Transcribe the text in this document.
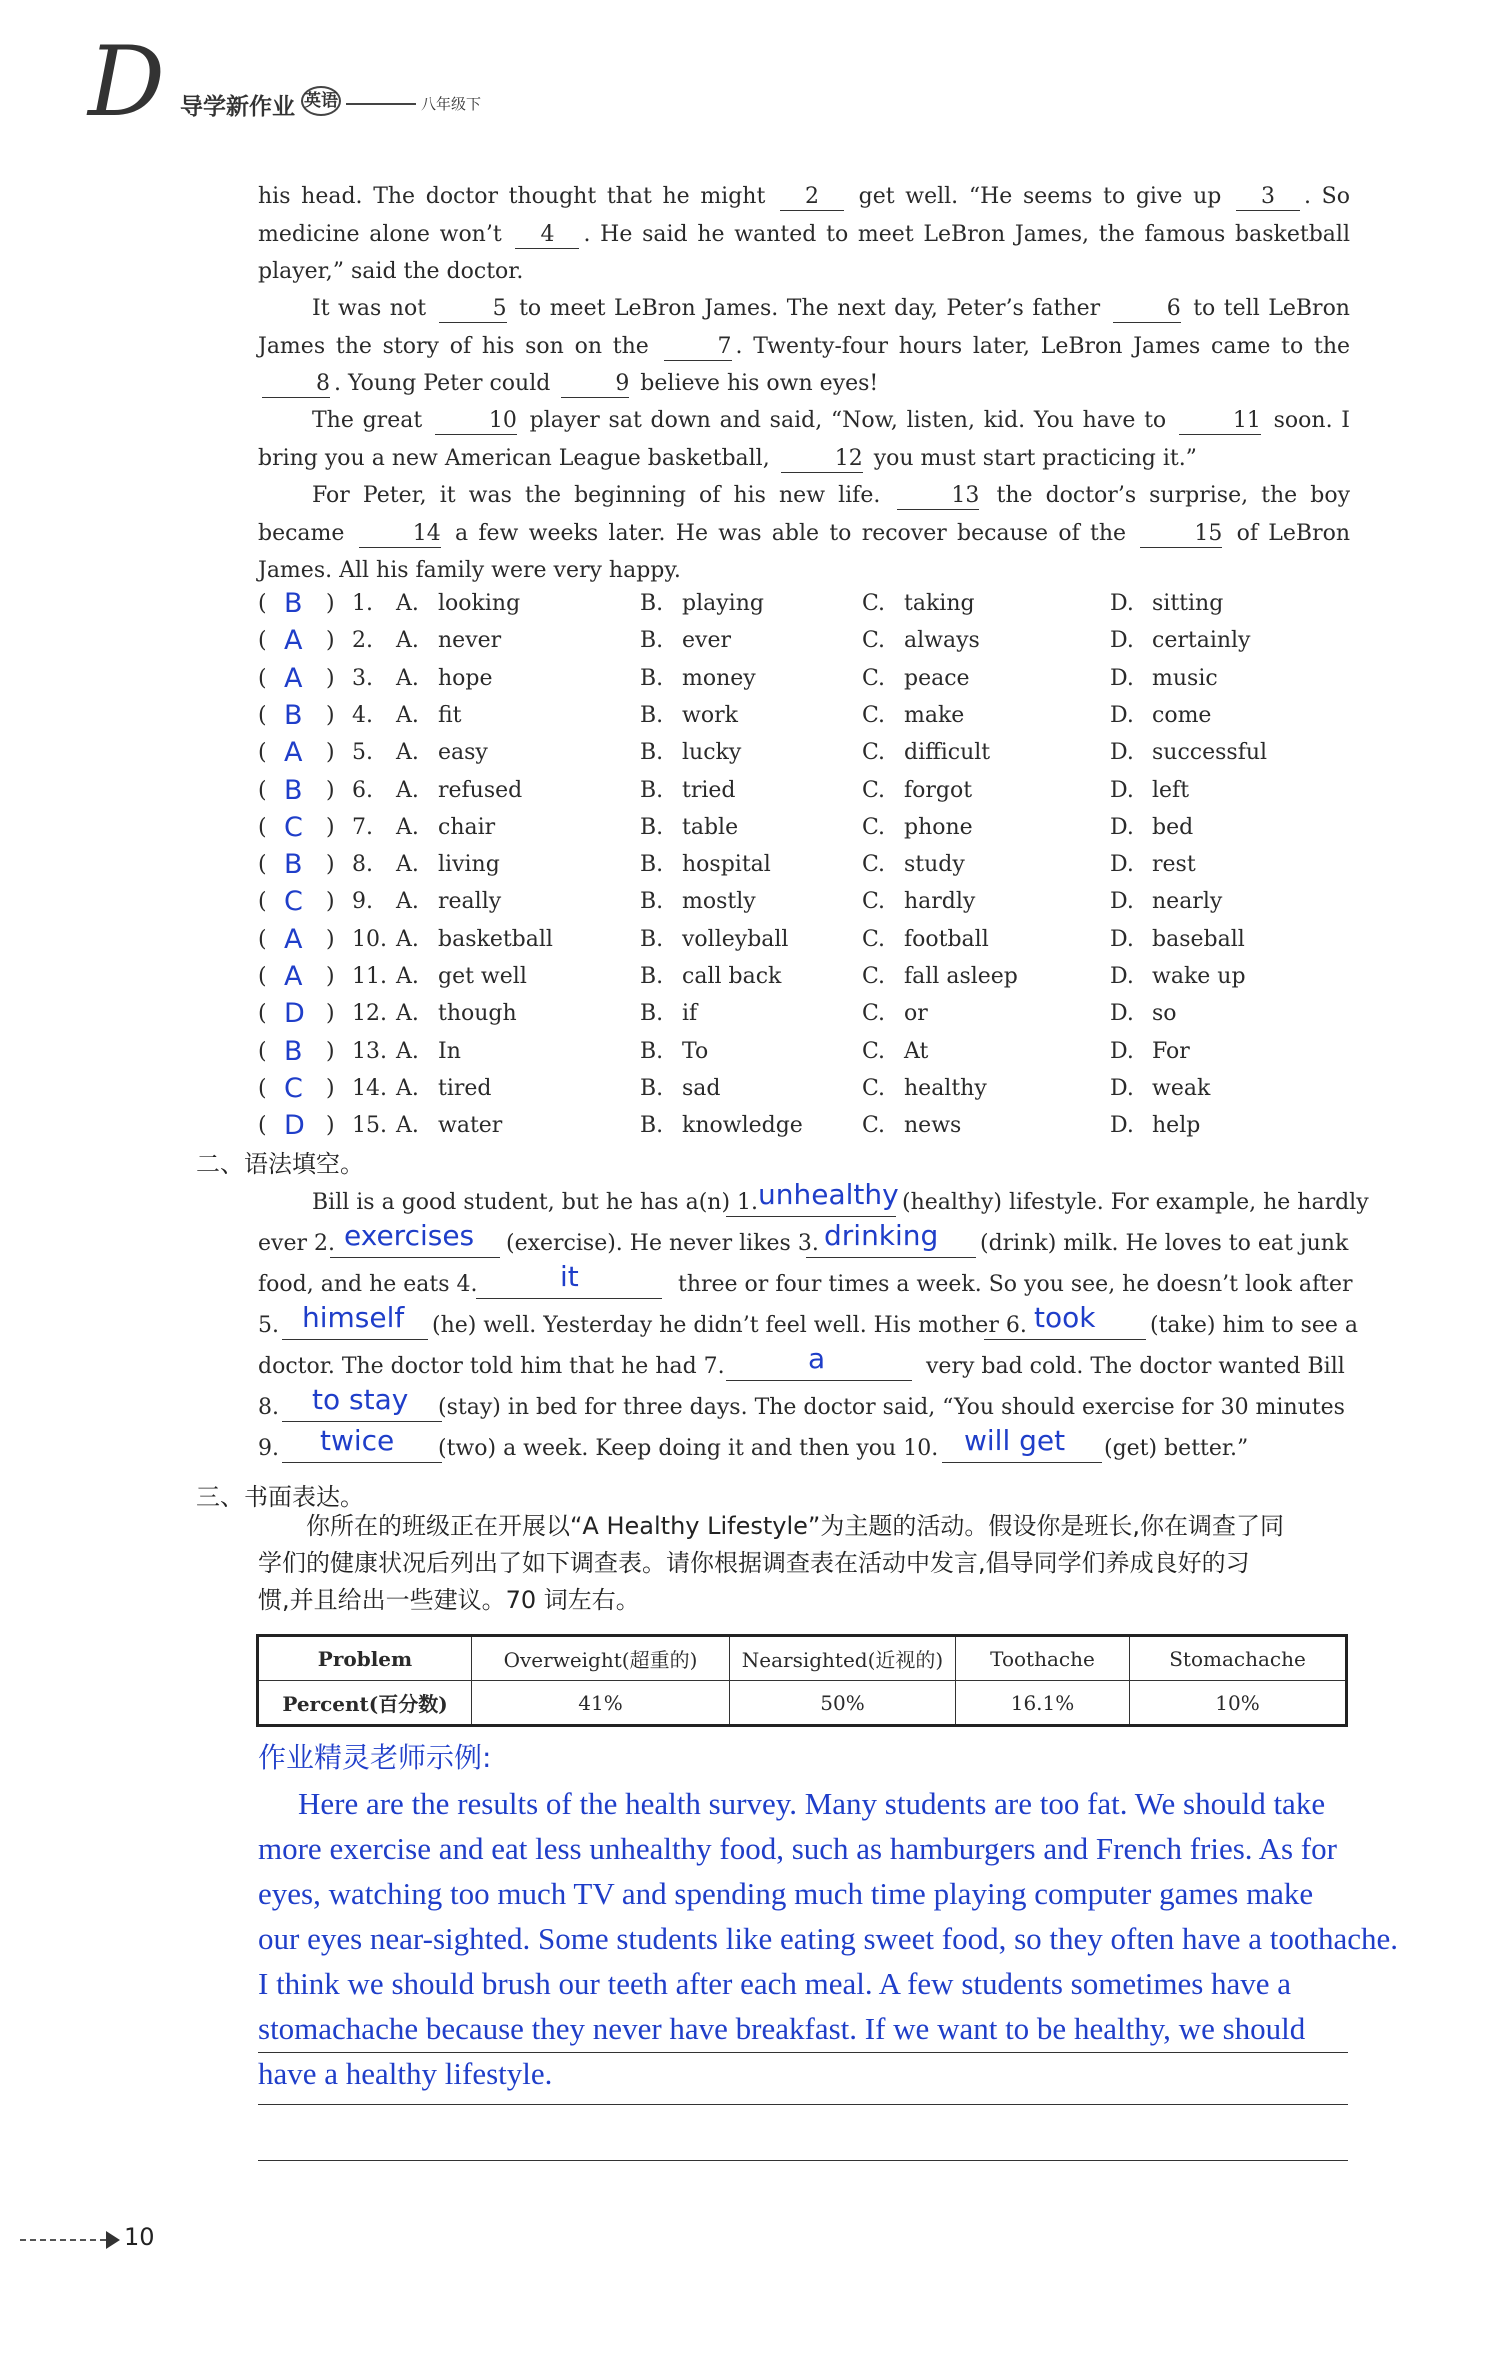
D 导学新作业 英语	八年级下
his head. The doctor thought that he might 2 get well. “He seems to give up 3 . So medicine alone won’t 4 . He said he wanted to meet LeBron James, the famous basketball player,” said the doctor.
It was not	5 to meet LeBron James. The next day, Peter’s father	6 to tell LeBron James the story of his son on the	7 . Twenty-four hours later, LeBron James came to the 8 . Young Peter could	9 believe his own eyes!
The great	10 player sat down and said, “Now, listen, kid. You have to	11 soon. I bring you a new American League basketball,	12 you must start practicing it.”
For Peter, it was the beginning of his new life.	13 the doctor’s surprise, the boy became	14 a few weeks later. He was able to recover because of the	15 of LeBron James. All his family were very happy.
( B ) 1. A. looking	B. playing	C. taking	D. sitting
( A ) 2. A. never	B. ever	C. always	D. certainly
( A ) 3. A. hope	B. money	C. peace	D. music
( B ) 4. A. fit	B. work	C. make	D. come
( A ) 5. A. easy	B. lucky	C. difficult	D. successful
( B ) 6. A. refused	B. tried	C. forgot	D. left
( C ) 7. A. chair	B. table	C. phone	D. bed
( B ) 8. A. living	B. hospital	C. study	D. rest
( C ) 9. A. really	B. mostly	C. hardly	D. nearly
( A ) 10. A. basketball	B. volleyball	C. football	D. baseball
( A ) 11. A. get well	B. call back	C. fall asleep	D. wake up
( D ) 12. A. though	B. if	C. or	D. so
( B ) 13. A. In	B. To	C. At	D. For
( C ) 14. A. tired	B. sad	C. healthy	D. weak
( D ) 15. A. water	B. knowledge	C. news	D. help
二、语法填空。
Bill is a good student, but he has a(n) 1. unhealthy (healthy) lifestyle. For example, he hardly
ever 2. exercises (exercise). He never likes 3. drinking (drink) milk. He loves to eat junk
food, and he eats 4.	it	three or four times a week. So you see, he doesn’t look after
5. himself (he) well. Yesterday he didn’t feel well. His mother 6. took (take) him to see a
doctor. The doctor told him that he had 7.	a	very bad cold. The doctor wanted Bill
8. to stay (stay) in bed for three days. The doctor said, “You should exercise for 30 minutes
9. twice (two) a week. Keep doing it and then you 10. will get (get) better.”
三、书面表达。
你所在的班级正在开展以“A Healthy Lifestyle”为主题的活动。假设你是班长,你在调查了同
学们的健康状况后列出了如下调查表。请你根据调查表在活动中发言,倡导同学们养成良好的习
惯,并且给出一些建议。70 词左右。
Problem	Overweight(超重的)	Nearsighted(近视的)	Toothache	Stomachache
Percent(百分数)	41%	50%	16.1%	10%
作业精灵老师示例:
Here are the results of the health survey. Many students are too fat. We should take
more exercise and eat less unhealthy food, such as hamburgers and French fries. As for
eyes, watching too much TV and spending much time playing computer games make
our eyes near-sighted. Some students like eating sweet food, so they often have a toothache.
I think we should brush our teeth after each meal. A few students sometimes have a
stomachache because they never have breakfast. If we want to be healthy, we should
have a healthy lifestyle.
10
